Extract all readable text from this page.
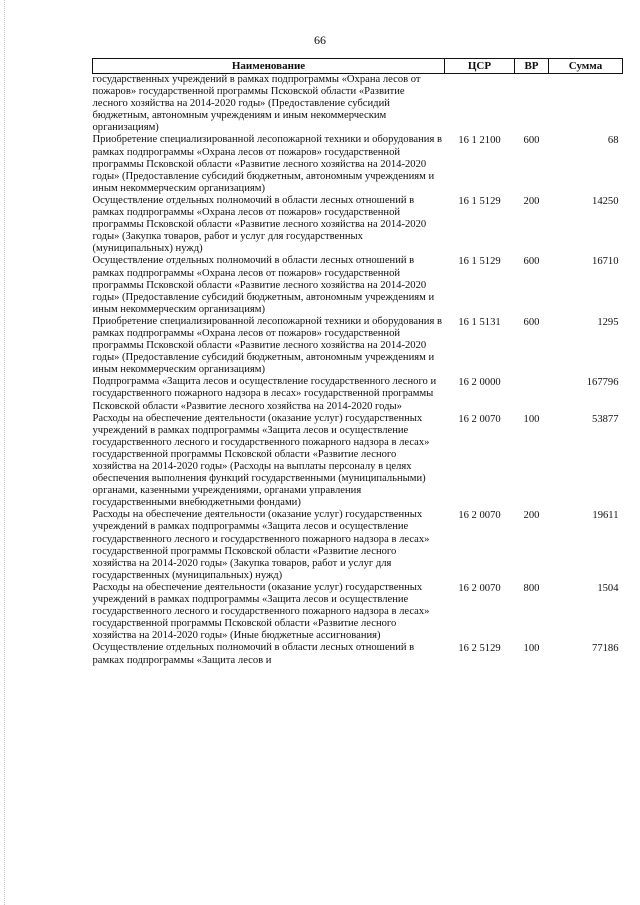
66
Наименование	ЦСР	ВР	Сумма
государственных учреждений в рамках подпрограммы «Охрана лесов от пожаров» государственной программы Псковской области «Развитие лесного хозяйства на 2014-2020 годы» (Предоставление субсидий бюджетным, автономным учреждениям и иным некоммерческим организациям)			
Приобретение специализированной лесопожарной техники и оборудования в рамках подпрограммы «Охрана лесов от пожаров» государственной программы Псковской области «Развитие лесного хозяйства на 2014-2020 годы» (Предоставление субсидий бюджетным, автономным учреждениям и иным некоммерческим организациям)	16 1 2100	600	68
Осуществление отдельных полномочий в области лесных отношений в рамках подпрограммы «Охрана лесов от пожаров» государственной программы Псковской области «Развитие лесного хозяйства на 2014-2020 годы» (Закупка товаров, работ и услуг для государственных (муниципальных) нужд)	16 1 5129	200	14250
Осуществление отдельных полномочий в области лесных отношений в рамках подпрограммы «Охрана лесов от пожаров» государственной программы Псковской области «Развитие лесного хозяйства на 2014-2020 годы» (Предоставление субсидий бюджетным, автономным учреждениям и иным некоммерческим организациям)	16 1 5129	600	16710
Приобретение специализированной лесопожарной техники и оборудования в рамках подпрограммы «Охрана лесов от пожаров» государственной программы Псковской области «Развитие лесного хозяйства на 2014-2020 годы» (Предоставление субсидий бюджетным, автономным учреждениям и иным некоммерческим организациям)	16 1 5131	600	1295
Подпрограмма «Защита лесов и осуществление государственного лесного и государственного пожарного надзора в лесах» государственной программы Псковской области «Развитие лесного хозяйства на 2014-2020 годы»	16 2 0000		167796
Расходы на обеспечение деятельности (оказание услуг) государственных учреждений в рамках подпрограммы «Защита лесов и осуществление государственного лесного и государственного пожарного надзора в лесах» государственной программы Псковской области «Развитие лесного хозяйства на 2014-2020 годы» (Расходы на выплаты персоналу в целях обеспечения выполнения функций государственными (муниципальными) органами, казенными учреждениями, органами управления государственными внебюджетными фондами)	16 2 0070	100	53877
Расходы на обеспечение деятельности (оказание услуг) государственных учреждений в рамках подпрограммы «Защита лесов и осуществление государственного лесного и государственного пожарного надзора в лесах» государственной программы Псковской области «Развитие лесного хозяйства на 2014-2020 годы» (Закупка товаров, работ и услуг для государственных (муниципальных) нужд)	16 2 0070	200	19611
Расходы на обеспечение деятельности (оказание услуг) государственных учреждений в рамках подпрограммы «Защита лесов и осуществление государственного лесного и государственного пожарного надзора в лесах» государственной программы Псковской области «Развитие лесного хозяйства на 2014-2020 годы» (Иные бюджетные ассигнования)	16 2 0070	800	1504
Осуществление отдельных полномочий в области лесных отношений в рамках подпрограммы «Защита лесов и	16 2 5129	100	77186
